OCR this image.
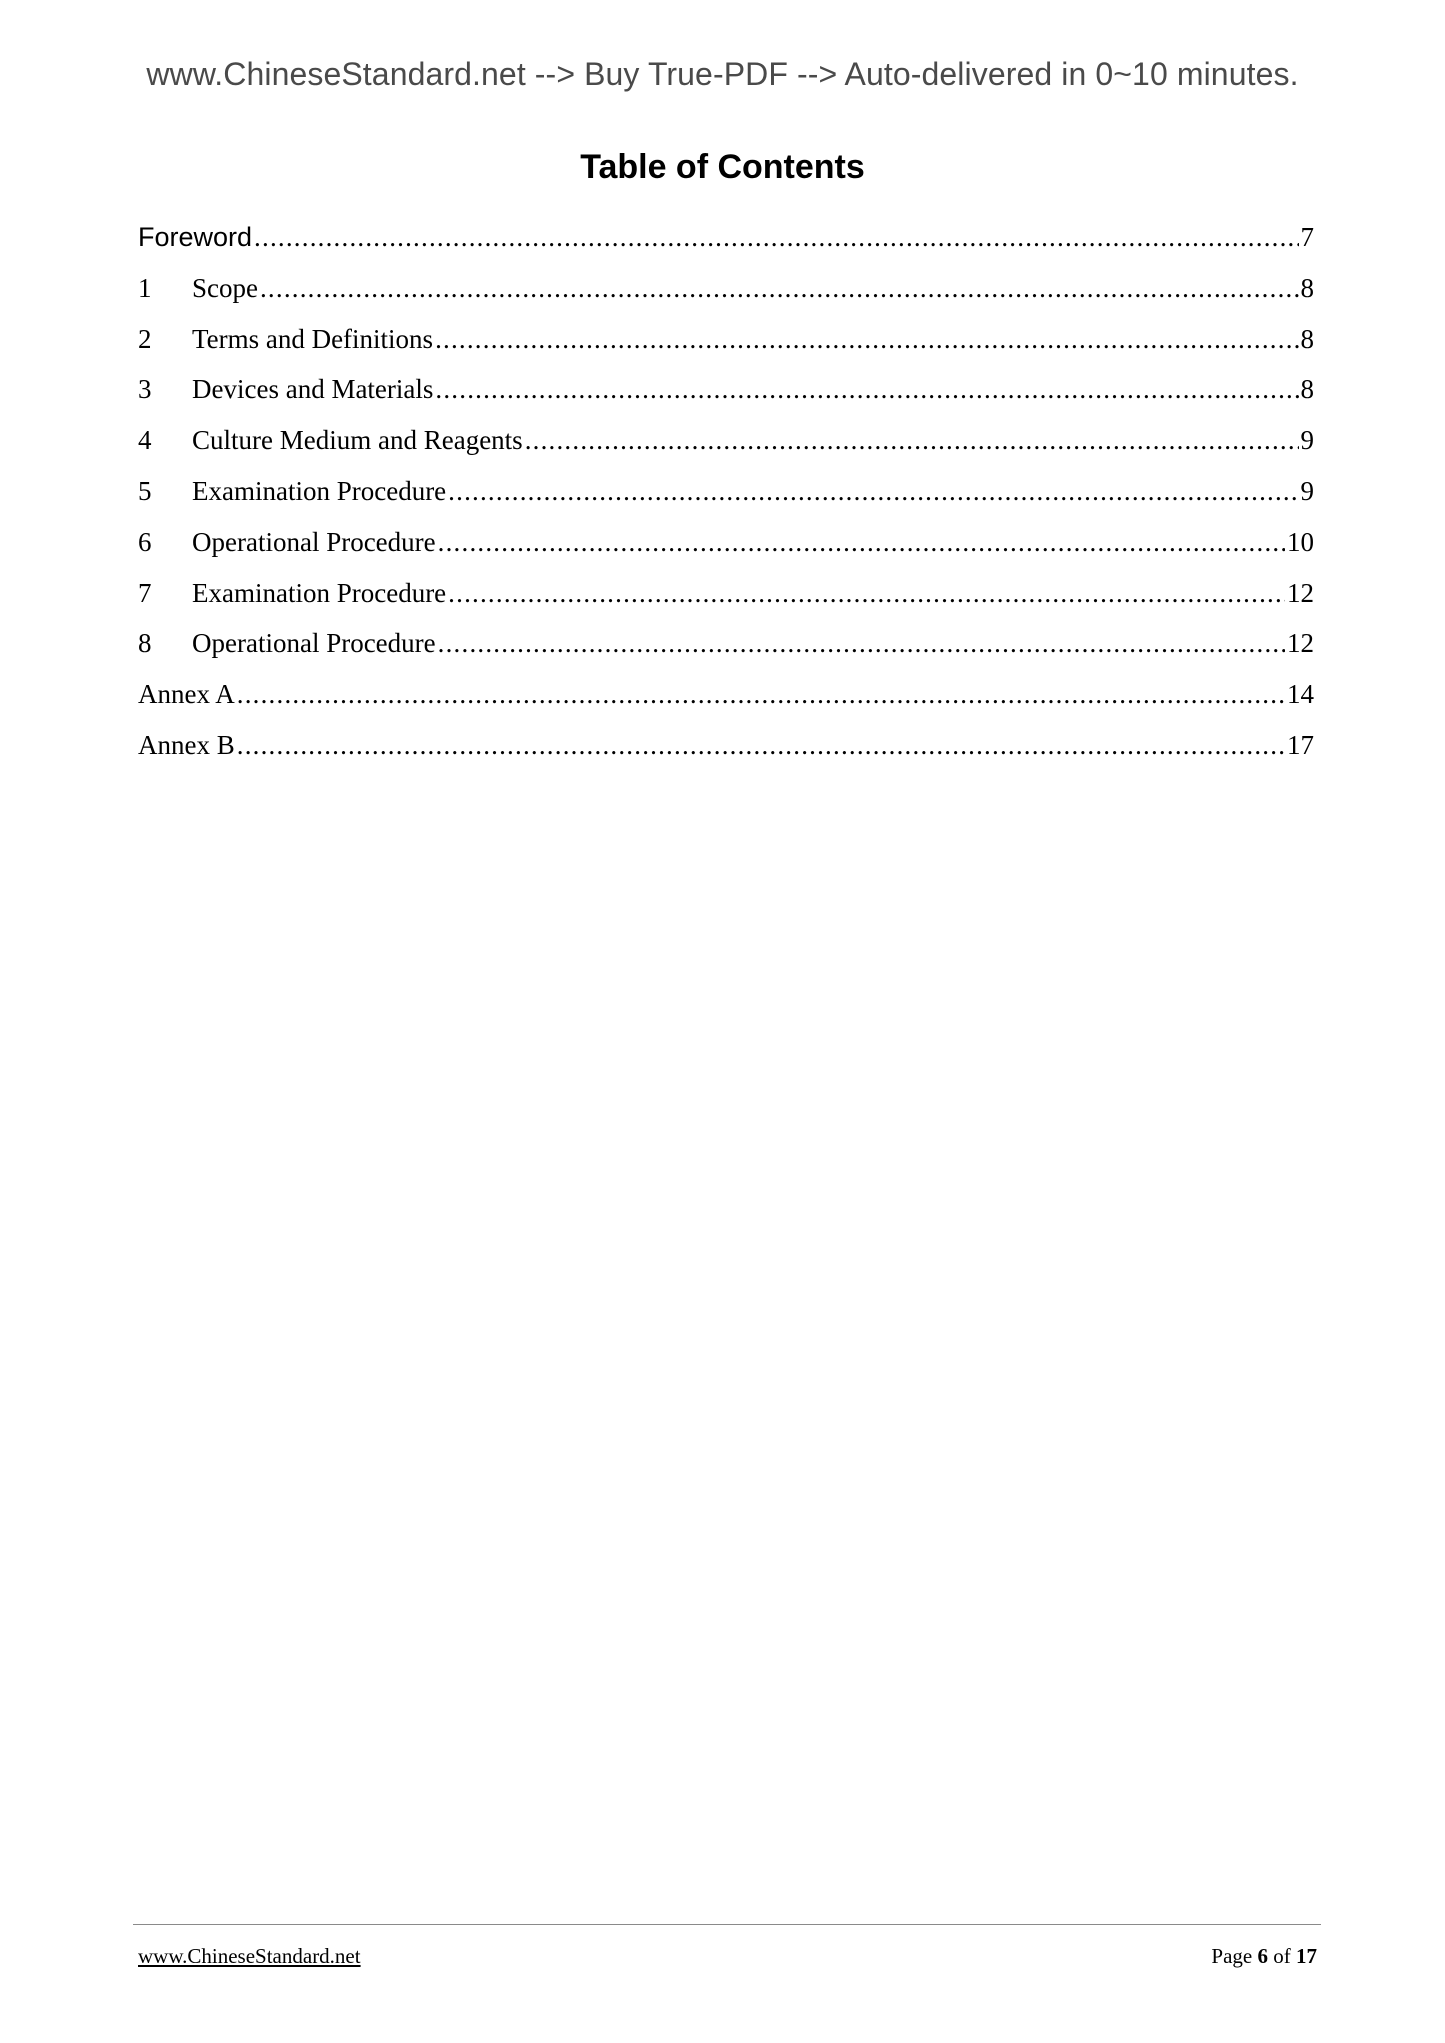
www.ChineseStandard.net --> Buy True-PDF --> Auto-delivered in 0~10 minutes.
Table of Contents
Foreword .....	7
1	Scope .....	8
2	Terms and Definitions .....	8
3	Devices and Materials .....	8
4	Culture Medium and Reagents .....	9
5	Examination Procedure .....	9
6	Operational Procedure .....	10
7	Examination Procedure .....	12
8	Operational Procedure .....	12
Annex A .....	14
Annex B .....	17
www.ChineseStandard.net	Page 6 of 17
